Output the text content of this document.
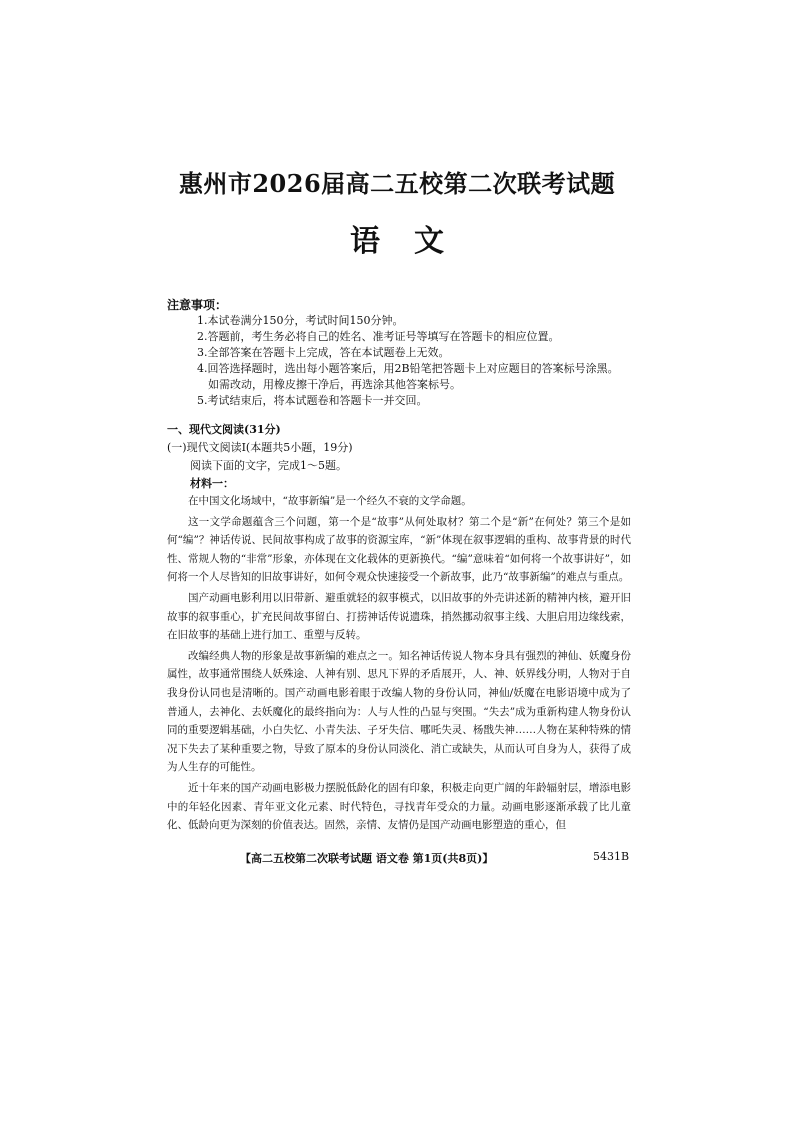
惠州市2026届高二五校第二次联考试题
语文
注意事项：
1.本试卷满分150分，考试时间150分钟。
2.答题前，考生务必将自己的姓名、准考证号等填写在答题卡的相应位置。
3.全部答案在答题卡上完成，答在本试题卷上无效。
4.回答选择题时，选出每小题答案后，用2B铅笔把答题卡上对应题目的答案标号涂黑。
如需改动，用橡皮擦干净后，再选涂其他答案标号。
5.考试结束后，将本试题卷和答题卡一并交回。
一、现代文阅读(31分)
(一)现代文阅读Ⅰ(本题共5小题，19分)
阅读下面的文字，完成1～5题。
材料一：

在中国文化场域中，“故事新编”是一个经久不衰的文学命题。

这一文学命题蕴含三个问题，第一个是“故事”从何处取材？第二个是“新”在何处？第三个是如何“编”？神话传说、民间故事构成了故事的资源宝库，“新”体现在叙事逻辑的重构、故事背景的时代性、常规人物的“非常”形象，亦体现在文化载体的更新换代。“编”意味着“如何将一个故事讲好”，如何将一个人尽皆知的旧故事讲好，如何令观众快速接受一个新故事，此乃“故事新编”的难点与重点。

国产动画电影利用以旧带新、避重就轻的叙事模式，以旧故事的外壳讲述新的精神内核，避开旧故事的叙事重心，扩充民间故事留白、打捞神话传说遗珠，捎然挪动叙事主线、大胆启用边缘线索，在旧故事的基础上进行加工、重塑与反转。

改编经典人物的形象是故事新编的难点之一。知名神话传说人物本身具有强烈的神仙、妖魔身份属性，故事通常围绕人妖殊途、人神有别、思凡下界的矛盾展开，人、神、妖界线分明，人物对于自我身份认同也是清晰的。国产动画电影着眼于改编人物的身份认同，神仙/妖魔在电影语境中成为了普通人，去神化、去妖魔化的最终指向为：人与人性的凸显与突围。“失去”成为重新构建人物身份认同的重要逻辑基础，小白失忆、小青失法、子牙失信、哪吒失灵、杨戬失神……人物在某种特殊的情况下失去了某种重要之物，导致了原本的身份认同淡化、消亡或缺失，从而认可自身为人，获得了成为人生存的可能性。

近十年来的国产动画电影极力摆脱低龄化的固有印象，积极走向更广阔的年龄辐射层，增添电影中的年轻化因素、青年亚文化元素、时代特色，寻找青年受众的力量。动画电影逐渐承载了比儿童化、低龄向更为深刻的价值表达。固然，亲情、友情仍是国产动画电影塑造的重心，但

【高二五校第二次联考试题 语文卷 第1页(共8页)】	5431B
